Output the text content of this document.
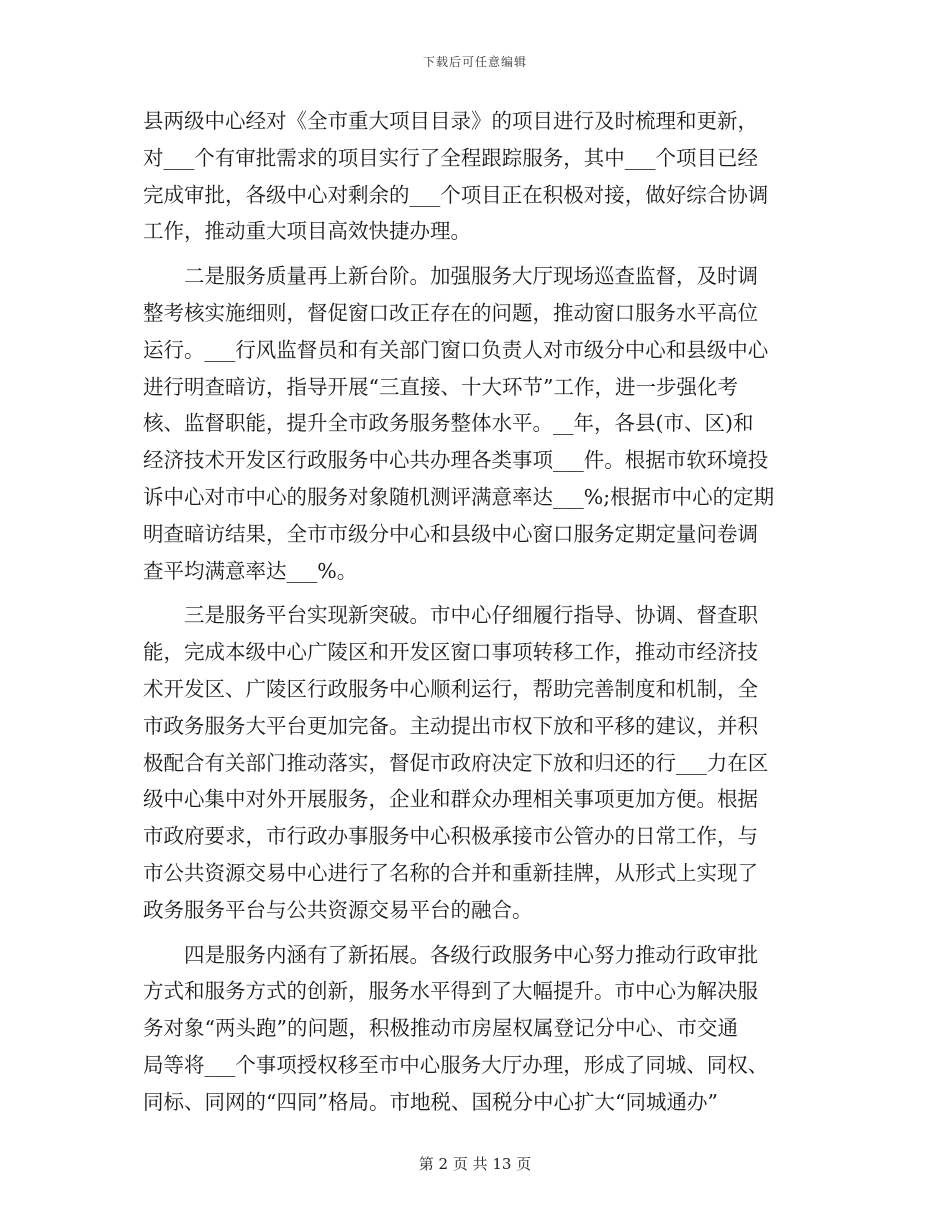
下载后可任意编辑
县两级中心经对《全市重大项目目录》的项目进行及时梳理和更新，
对___个有审批需求的项目实行了全程跟踪服务，其中___个项目已经
完成审批，各级中心对剩余的___个项目正在积极对接，做好综合协调
工作，推动重大项目高效快捷办理。
　　二是服务质量再上新台阶。加强服务大厅现场巡查监督，及时调
整考核实施细则，督促窗口改正存在的问题，推动窗口服务水平高位
运行。___行风监督员和有关部门窗口负责人对市级分中心和县级中心
进行明查暗访，指导开展“三直接、十大环节”工作，进一步强化考
核、监督职能，提升全市政务服务整体水平。__年，各县(市、区)和
经济技术开发区行政服务中心共办理各类事项___件。根据市软环境投
诉中心对市中心的服务对象随机测评满意率达___%;根据市中心的定期
明查暗访结果，全市市级分中心和县级中心窗口服务定期定量问卷调
查平均满意率达___%。
　　三是服务平台实现新突破。市中心仔细履行指导、协调、督查职
能，完成本级中心广陵区和开发区窗口事项转移工作，推动市经济技
术开发区、广陵区行政服务中心顺利运行，帮助完善制度和机制，全
市政务服务大平台更加完备。主动提出市权下放和平移的建议，并积
极配合有关部门推动落实，督促市政府决定下放和归还的行___力在区
级中心集中对外开展服务，企业和群众办理相关事项更加方便。根据
市政府要求，市行政办事服务中心积极承接市公管办的日常工作，与
市公共资源交易中心进行了名称的合并和重新挂牌，从形式上实现了
政务服务平台与公共资源交易平台的融合。
　　四是服务内涵有了新拓展。各级行政服务中心努力推动行政审批
方式和服务方式的创新，服务水平得到了大幅提升。市中心为解决服
务对象“两头跑”的问题，积极推动市房屋权属登记分中心、市交通
局等将___个事项授权移至市中心服务大厅办理，形成了同城、同权、
同标、同网的“四同”格局。市地税、国税分中心扩大“同城通办”
第 2 页 共 13 页
